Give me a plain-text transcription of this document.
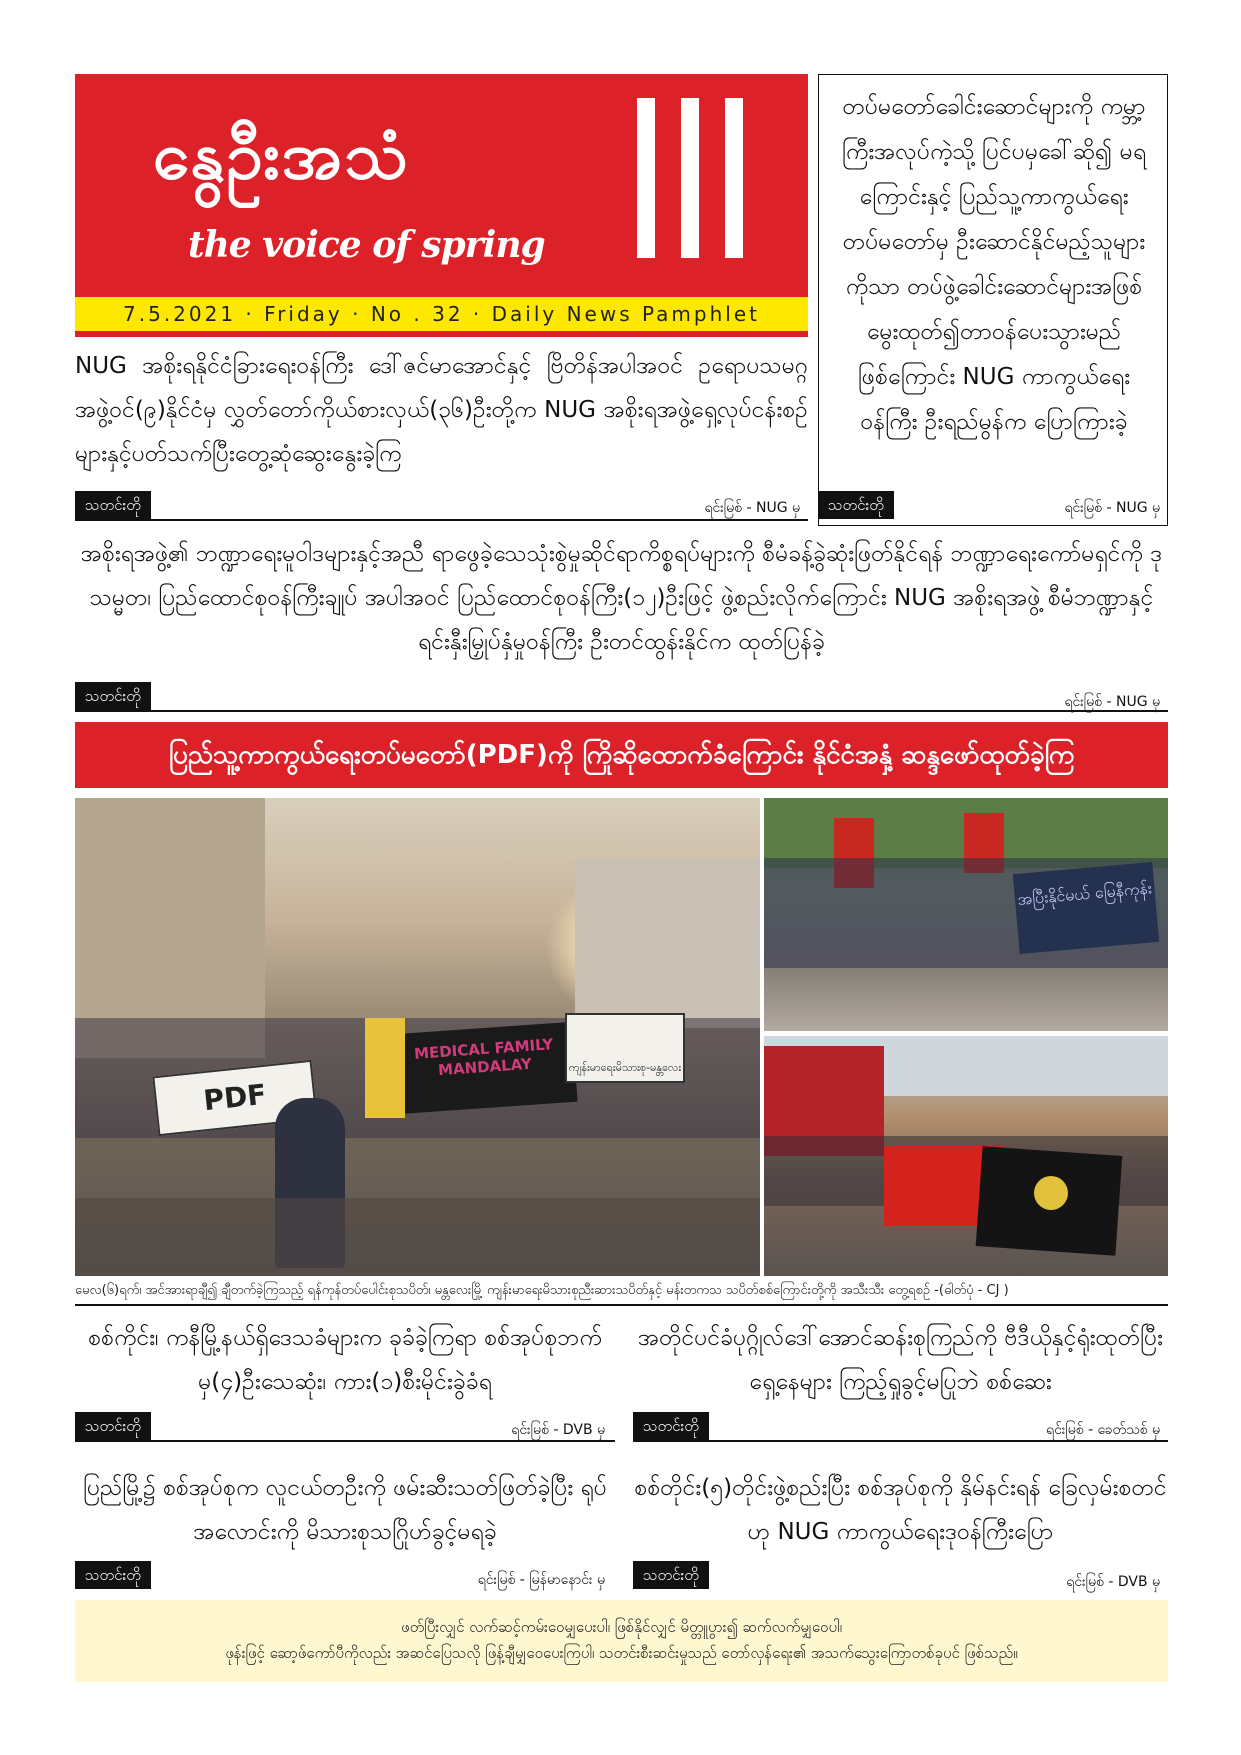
နွေဦးအသံ
the voice of spring
7.5.2021 · Friday · No . 32 · Daily News Pamphlet
တပ်မတော်ခေါင်းဆောင်များကို ကမ္ဘာ့ကြီးအလုပ်ကဲ့သို့ ပြင်ပမှခေါ်ဆို၍ မရကြောင်းနှင့် ပြည်သူ့ကာကွယ်ရေးတပ်မတော်မှ ဦးဆောင်နိုင်မည့်သူများကိုသာ တပ်ဖွဲ့ခေါင်းဆောင်များအဖြစ် မွေးထုတ်၍တာဝန်ပေးသွားမည်ဖြစ်ကြောင်း NUG ကာကွယ်ရေးဝန်ကြီး ဦးရည်မွန်က ပြောကြားခဲ့
သတင်းတို	ရင်းမြစ် - NUG မှ
NUG အစိုးရနိုင်ငံခြားရေးဝန်ကြီး ဒေါ်ဇင်မာအောင်နှင့် ဗြိတိန်အပါအဝင် ဥရောပသမဂ္ဂအဖွဲ့ဝင်(၉)နိုင်ငံမှ လွှတ်တော်ကိုယ်စားလှယ်(၃၆)ဦးတို့က NUG အစိုးရအဖွဲ့ရှေ့လုပ်ငန်းစဉ်များနှင့်ပတ်သက်ပြီးတွေ့ဆုံဆွေးနွေးခဲ့ကြ
သတင်းတို	ရင်းမြစ် - NUG မှ
အစိုးရအဖွဲ့၏ ဘဏ္ဍာရေးမူဝါဒများနှင့်အညီ ရာဖွေခဲ့သေသုံးစွဲမှုဆိုင်ရာကိစ္စရပ်များကို စီမံခန့်ခွဲဆုံးဖြတ်နိုင်ရန် ဘဏ္ဍာရေးကော်မရှင်ကို ဒုသမ္မတ၊ ပြည်ထောင်စုဝန်ကြီးချုပ် အပါအဝင် ပြည်ထောင်စုဝန်ကြီး(၁၂)ဦးဖြင့် ဖွဲ့စည်းလိုက်ကြောင်း NUG အစိုးရအဖွဲ့ စီမံဘဏ္ဍာနှင့်ရင်းနှီးမြှုပ်နှံမှုဝန်ကြီး ဦးတင်ထွန်းနိုင်က ထုတ်ပြန်ခဲ့
သတင်းတို	ရင်းမြစ် - NUG မှ
ပြည်သူ့ကာကွယ်ရေးတပ်မတော်(PDF)ကို ကြိုဆိုထောက်ခံကြောင်း နိုင်ငံအနှံ့ ဆန္ဒဖော်ထုတ်ခဲ့ကြ
PDF
MEDICAL FAMILY MANDALAY	ကျန်းမာရေးမိသားစု-မန္တလေး
အပြီးနိုင်မယ် မြေနီကုန်း
မေလ(၆)ရက်၊ အင်အားရာချီ၍ ချီတက်ခဲ့ကြသည့် ရန်ကုန်တပ်ပေါင်းစုသပိတ်၊ မန္တလေးမြို့ ကျန်းမာရေးမိသားစုညီးဆားသပိတ်နှင့် မန်းတကသ သပိတ်စစ်ကြောင်းတို့ကို အသီးသီး တွေ့ရစဉ် -(ဓါတ်ပုံ - CJ )
စစ်ကိုင်း၊ ကနီမြို့နယ်ရှိဒေသခံများက ခုခံခဲ့ကြရာ စစ်အုပ်စုဘက်မှ(၄)ဦးသေဆုံး၊ ကား(၁)စီးမိုင်းခွဲခံရ
သတင်းတို	ရင်းမြစ် - DVB မှ
အတိုင်ပင်ခံပုဂ္ဂိုလ်ဒေါ်အောင်ဆန်းစုကြည်ကို ဗီဒီယိုနှင့်ရုံးထုတ်ပြီး ရှေ့နေများ ကြည့်ရှုခွင့်မပြုဘဲ စစ်ဆေး
သတင်းတို	ရင်းမြစ် - ခေတ်သစ် မှ
ပြည်မြို့၌ စစ်အုပ်စုက လူငယ်တဦးကို ဖမ်းဆီးသတ်ဖြတ်ခဲ့ပြီး ရုပ်အလောင်းကို မိသားစုသဂြိုဟ်ခွင့်မရခဲ့
သတင်းတို	ရင်းမြစ် - မြန်မာနောင်း မှ
စစ်တိုင်း(၅)တိုင်းဖွဲ့စည်းပြီး စစ်အုပ်စုကို နှိမ်နင်းရန် ခြေလှမ်းစတင်ဟု NUG ကာကွယ်ရေးဒုဝန်ကြီးပြော
သတင်းတို	ရင်းမြစ် - DVB မှ
ဖတ်ပြီးလျှင် လက်ဆင့်ကမ်းဝေမျှပေးပါ၊ ဖြစ်နိုင်လျှင် မိတ္တူပွား၍ ဆက်လက်မျှဝေပါ၊
ဖုန်းဖြင့် ဆော့ဖ်ကော်ပီကိုလည်း အဆင်ပြေသလို ဖြန့်ချီမျှဝေပေးကြပါ၊ သတင်းစီးဆင်းမှုသည် တော်လှန်ရေး၏ အသက်သွေးကြောတစ်ခုပင် ဖြစ်သည်။
